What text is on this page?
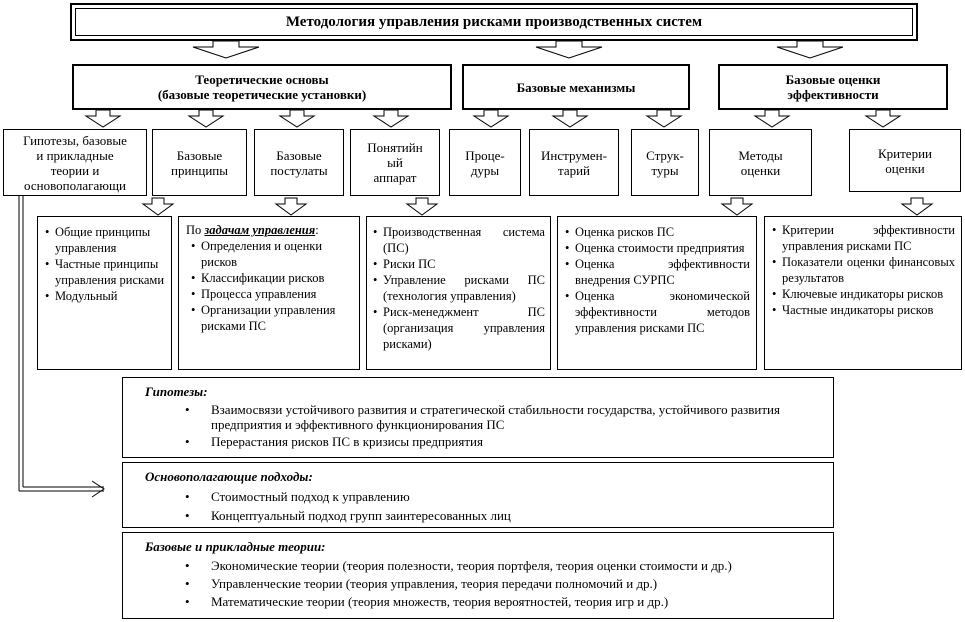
Методология управления рисками производственных систем
Теоретические основы
(базовые теоретические установки)	Базовые механизмы	Базовые оценки
эффективности
Гипотезы, базовые
и прикладные
теории и
основополагающи
Базовые
принципы
Базовые
постулаты
Понятийн
ый
аппарат
Проце-
дуры
Инструмен-
тарий
Струк-
туры
Методы
оценки
Критерии
оценки
• Общие принципы управления
• Частные принципы управления рисками
• Модульный
По задачам управления:
• Определения и оценки рисков
• Классификации рисков
• Процесса управления
• Организации управления рисками ПС
• Производственная система (ПС)
• Риски ПС
• Управление рисками ПС (технология управления)
• Риск-менеджмент ПС (организация управления рисками)
• Оценка рисков ПС
• Оценка стоимости предприятия
• Оценка эффективности внедрения СУРПС
• Оценка экономической эффективности методов управления рисками ПС
• Критерии эффективности управления рисками ПС
• Показатели оценки финансовых результатов
• Ключевые индикаторы рисков
• Частные индикаторы рисков
Гипотезы:
• Взаимосвязи устойчивого развития и стратегической стабильности государства, устойчивого развития предприятия и эффективного функционирования ПС
• Перерастания рисков ПС в кризисы предприятия
Основополагающие подходы:
• Стоимостный подход к управлению
• Концептуальный подход групп заинтересованных лиц
Базовые и прикладные теории:
• Экономические теории (теория полезности, теория портфеля, теория оценки стоимости и др.)
• Управленческие теории (теория управления, теория передачи полномочий и др.)
• Математические теории (теория множеств, теория вероятностей, теория игр и др.)
